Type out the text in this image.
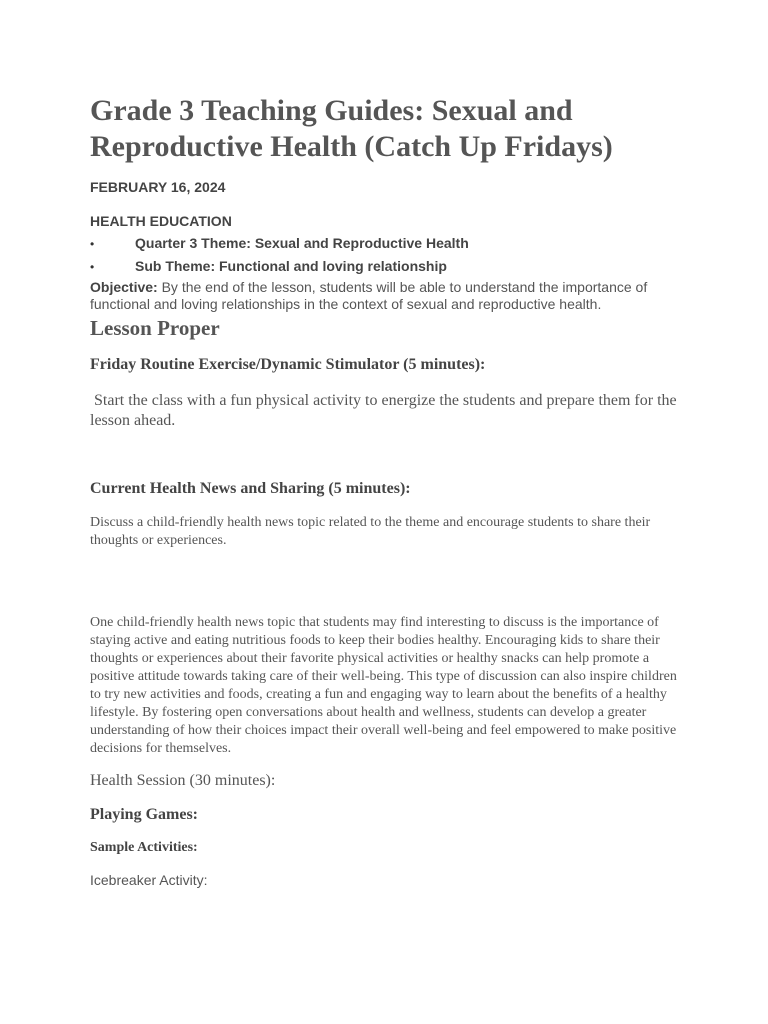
Grade 3 Teaching Guides: Sexual and Reproductive Health (Catch Up Fridays)
FEBRUARY 16, 2024
HEALTH EDUCATION
•	Quarter 3 Theme: Sexual and Reproductive Health
•	Sub Theme: Functional and loving relationship
Objective: By the end of the lesson, students will be able to understand the importance of functional and loving relationships in the context of sexual and reproductive health.
Lesson Proper
Friday Routine Exercise/Dynamic Stimulator (5 minutes):
Start the class with a fun physical activity to energize the students and prepare them for the lesson ahead.
Current Health News and Sharing (5 minutes):
Discuss a child-friendly health news topic related to the theme and encourage students to share their thoughts or experiences.
One child-friendly health news topic that students may find interesting to discuss is the importance of staying active and eating nutritious foods to keep their bodies healthy. Encouraging kids to share their thoughts or experiences about their favorite physical activities or healthy snacks can help promote a positive attitude towards taking care of their well-being. This type of discussion can also inspire children to try new activities and foods, creating a fun and engaging way to learn about the benefits of a healthy lifestyle. By fostering open conversations about health and wellness, students can develop a greater understanding of how their choices impact their overall well-being and feel empowered to make positive decisions for themselves.
Health Session (30 minutes):
Playing Games:
Sample Activities:
Icebreaker Activity:
